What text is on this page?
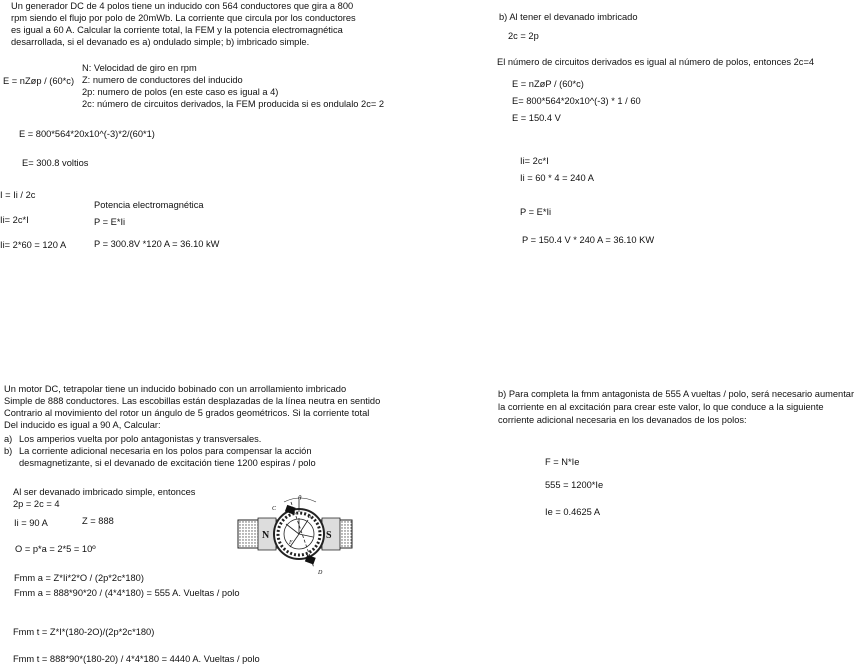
Un generador DC de 4 polos tiene un inducido con 564 conductores que gira a 800
rpm siendo el flujo por polo de 20mWb. La corriente que circula por los conductores
es igual a 60 A. Calcular la corriente total, la FEM y la potencia electromagnética
desarrollada, si el devanado es a) ondulado simple; b) imbricado simple.
E = nZøp / (60*c)
N: Velocidad de giro en rpm
Z: numero de conductores del inducido
2p: numero de polos (en este caso es igual a 4)
2c: número de circuitos derivados, la FEM producida si es ondulalo 2c= 2
E = 800*564*20x10^(-3)*2/(60*1)
E= 300.8 voltios
I = Ii / 2c
Ii= 2c*I
Ii= 2*60 = 120 A
Potencia electromagnética
P = E*Ii
P = 300.8V *120 A = 36.10 kW
b) Al tener el devanado imbricado
2c = 2p
El número de circuitos derivados es igual al número de polos, entonces 2c=4
E = nZøP / (60*c)
E= 800*564*20x10^(-3) * 1 / 60
E = 150.4 V
Ii= 2c*I
Ii = 60 * 4 = 240 A
P = E*Ii
P = 150.4 V * 240 A = 36.10 KW
Un motor DC, tetrapolar tiene un inducido bobinado con un arrollamiento imbricado
Simple de 888 conductores. Las escobillas están desplazadas de la línea neutra en sentido
Contrario al movimiento del rotor un ángulo de 5 grados geométricos. Si la corriente total
Del inducido es igual a 90 A, Calcular:
a) Los amperios vuelta por polo antagonistas y transversales.
b) La corriente adicional necesaria en los polos para compensar la acción
desmagnetizante, si el devanado de excitación tiene 1200 espiras / polo
Al ser devanado imbricado simple, entonces
2p = 2c = 4
Ii = 90 A	Z = 888
O = p*a = 2*5 = 10º
Fmm a = Z*Ii*2*O / (2p*2c*180)
Fmm a = 888*90*20 / (4*4*180) = 555 A. Vueltas / polo
Fmm t = Z*I*(180-2O)/(2p*2c*180)
Fmm t = 888*90*(180-20) / 4*4*180 = 4440 A. Vueltas / polo
b) Para completa la fmm antagonista de 555 A vueltas / polo, será necesario aumentar
la corriente en al excitación para crear este valor, lo que conduce a la siguiente
corriente adicional necesaria en los devanados de los polos:
F = N*Ie
555 = 1200*Ie
Ie = 0.4625 A
N	S
θ
C
D
F
a
